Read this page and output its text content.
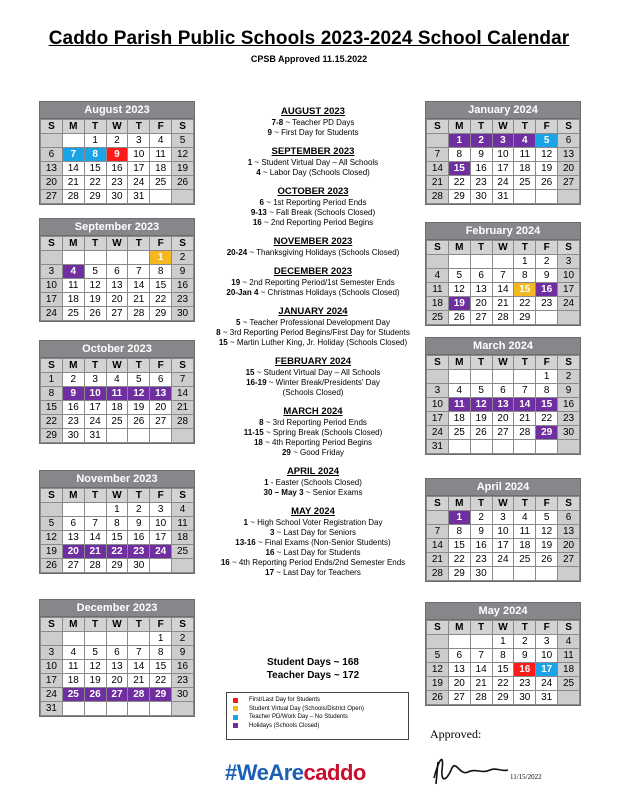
Caddo Parish Public Schools 2023-2024 School Calendar
CPSB Approved 11.15.2022
August 2023
S	M	T	W	T	F	S
		1	2	3	4	5
6	7	8	9	10	11	12
13	14	15	16	17	18	19
20	21	22	23	24	25	26
27	28	29	30	31		
September 2023
S	M	T	W	T	F	S
					1	2
3	4	5	6	7	8	9
10	11	12	13	14	15	16
17	18	19	20	21	22	23
24	25	26	27	28	29	30
October 2023
S	M	T	W	T	F	S
1	2	3	4	5	6	7
8	9	10	11	12	13	14
15	16	17	18	19	20	21
22	23	24	25	26	27	28
29	30	31				
November 2023
S	M	T	W	T	F	S
			1	2	3	4
5	6	7	8	9	10	11
12	13	14	15	16	17	18
19	20	21	22	23	24	25
26	27	28	29	30		
December 2023
S	M	T	W	T	F	S
					1	2
3	4	5	6	7	8	9
10	11	12	13	14	15	16
17	18	19	20	21	22	23
24	25	26	27	28	29	30
31						
January 2024
S	M	T	W	T	F	S
	1	2	3	4	5	6
7	8	9	10	11	12	13
14	15	16	17	18	19	20
21	22	23	24	25	26	27
28	29	30	31			
February 2024
S	M	T	W	T	F	S
				1	2	3
4	5	6	7	8	9	10
11	12	13	14	15	16	17
18	19	20	21	22	23	24
25	26	27	28	29		
March 2024
S	M	T	W	T	F	S
					1	2
3	4	5	6	7	8	9
10	11	12	13	14	15	16
17	18	19	20	21	22	23
24	25	26	27	28	29	30
31						
April 2024
S	M	T	W	T	F	S
	1	2	3	4	5	6
7	8	9	10	11	12	13
14	15	16	17	18	19	20
21	22	23	24	25	26	27
28	29	30				
May 2024
S	M	T	W	T	F	S
			1	2	3	4
5	6	7	8	9	10	11
12	13	14	15	16	17	18
19	20	21	22	23	24	25
26	27	28	29	30	31	
AUGUST 2023

7-8 ~ Teacher PD Days

9 ~ First Day for Students

SEPTEMBER 2023

1 ~ Student Virtual Day – All Schools

4 ~ Labor Day (Schools Closed)

OCTOBER 2023

6 ~ 1st Reporting Period Ends

9-13 ~ Fall Break (Schools Closed)

16 ~ 2nd Reporting Period Begins

NOVEMBER 2023

20-24 ~ Thanksgiving Holidays (Schools Closed)

DECEMBER 2023

19 ~ 2nd Reporting Period/1st Semester Ends

20-Jan 4 ~ Christmas Holidays (Schools Closed)

JANUARY 2024

5 ~ Teacher Professional Development Day

8 ~ 3rd Reporting Period Begins/First Day for Students

15 ~ Martin Luther King, Jr. Holiday (Schools Closed)

FEBRUARY 2024

15 ~ Student Virtual Day – All Schools

16-19 ~ Winter Break/Presidents' Day

(Schools Closed)

MARCH 2024

8 ~ 3rd Reporting Period Ends

11-15 ~ Spring Break (Schools Closed)

18 ~ 4th Reporting Period Begins

29 ~ Good Friday

APRIL 2024

1 - Easter (Schools Closed)

30 – May 3 ~ Senior Exams

MAY 2024

1 ~ High School Voter Registration Day

3 ~ Last Day for Seniors

13-16 ~ Final Exams (Non-Senior Students)

16 ~ Last Day for Students

16 ~ 4th Reporting Period Ends/2nd Semester Ends

17 ~ Last Day for Teachers

Student Days ~ 168
Teacher Days ~ 172
First/Last Day for Students
Student Virtual Day (Schools/District Open)
Teacher PD/Work Day – No Students
Holidays (Schools Closed)
#WeArecaddo
Approved:
11/15/2022
